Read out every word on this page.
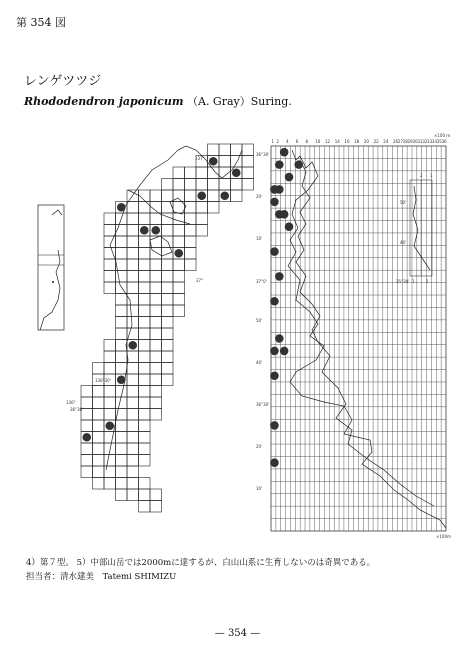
第 354 図
レンゲツツジ
Rhododendron japonicum （A. Gray）Suring.
137°
136°30'
136°
37°
36°30'
1 2 4 6 8 10 12 14 16 18 20 22 24 26 27 28 29 30 31 32 33 34 35 36
×100 m
×100m
36°30'
20'
10'
37°0'
50'
40'
36°30'
20'
10'
2 1
50'
40'
35°30' 1	2
4）第７型。 5）中部山岳では2000mに達するが、白山山系に生育しないのは奇異である。
担当者：清水建美　Tatemi SHIMIZU
— 354 —
